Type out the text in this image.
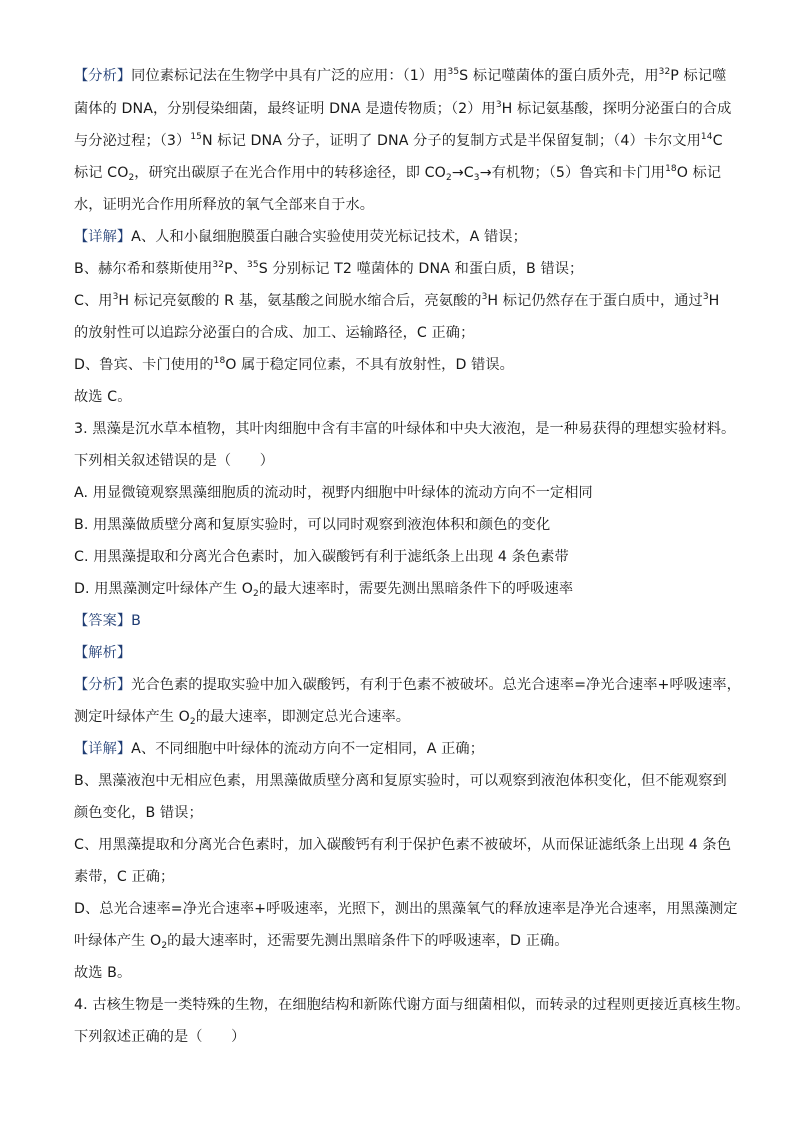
【分析】同位素标记法在生物学中具有广泛的应用：（1）用$^{35}$S 标记噬菌体的蛋白质外壳，用$^{32}$P 标记噬
菌体的 DNA，分别侵染细菌，最终证明 DNA 是遗传物质；（2）用$^3$H 标记氨基酸，探明分泌蛋白的合成
与分泌过程；$(3)^{15}N$ 标记 DNA 分子，证明了 DNA 分子的复制方式是半保留复制；（4）卡尔文用$^{14}$C
标记 $CO_2$，研究出碳原子在光合作用中的转移途径，即 $CO_2\to C_3\to$有机物；（5）鲁宾和卡门用$^{18}$O 标记
水，证明光合作用所释放的氧气全部来自于水。
【详解】A、人和小鼠细胞膜蛋白融合实验使用荧光标记技术，A 错误；
B、赫尔希和蔡斯使用$^{32}$P、$^{35}$S 分别标记 T2 噬菌体的 DNA 和蛋白质，B 错误；
C、用$^3$H 标记亮氨酸的 R 基，氨基酸之间脱水缩合后，亮氨酸的$^3$H 标记仍然存在于蛋白质中，通过$^3$H
的放射性可以追踪分泌蛋白的合成、加工、运输路径，C 正确；
D、鲁宾、卡门使用的$^{18}$O 属于稳定同位素，不具有放射性，D 错误。
故选 C。
3. 黑藻是沉水草本植物，其叶肉细胞中含有丰富的叶绿体和中央大液泡，是一种易获得的理想实验材料。
下列相关叙述错误的是（　　）
A. 用显微镜观察黑藻细胞质的流动时，视野内细胞中叶绿体的流动方向不一定相同
B. 用黑藻做质壁分离和复原实验时，可以同时观察到液泡体积和颜色的变化
C. 用黑藻提取和分离光合色素时，加入碳酸钙有利于滤纸条上出现 4 条色素带
D. 用黑藻测定叶绿体产生 $O_2$的最大速率时，需要先测出黑暗条件下的呼吸速率
【答案】B
【解析】
【分析】光合色素的提取实验中加入碳酸钙，有利于色素不被破坏。总光合速率=净光合速率+呼吸速率，
测定叶绿体产生 $O_2$的最大速率，即测定总光合速率。
【详解】A、不同细胞中叶绿体的流动方向不一定相同，A 正确；
B、黑藻液泡中无相应色素，用黑藻做质壁分离和复原实验时，可以观察到液泡体积变化，但不能观察到
颜色变化，B 错误；
C、用黑藻提取和分离光合色素时，加入碳酸钙有利于保护色素不被破坏，从而保证滤纸条上出现 4 条色
素带，C 正确；
D、总光合速率=净光合速率+呼吸速率，光照下，测出的黑藻氧气的释放速率是净光合速率，用黑藻测定
叶绿体产生 $O_2$的最大速率时，还需要先测出黑暗条件下的呼吸速率，D 正确。
故选 B。
4. 古核生物是一类特殊的生物，在细胞结构和新陈代谢方面与细菌相似，而转录的过程则更接近真核生物。
下列叙述正确的是（　　）
